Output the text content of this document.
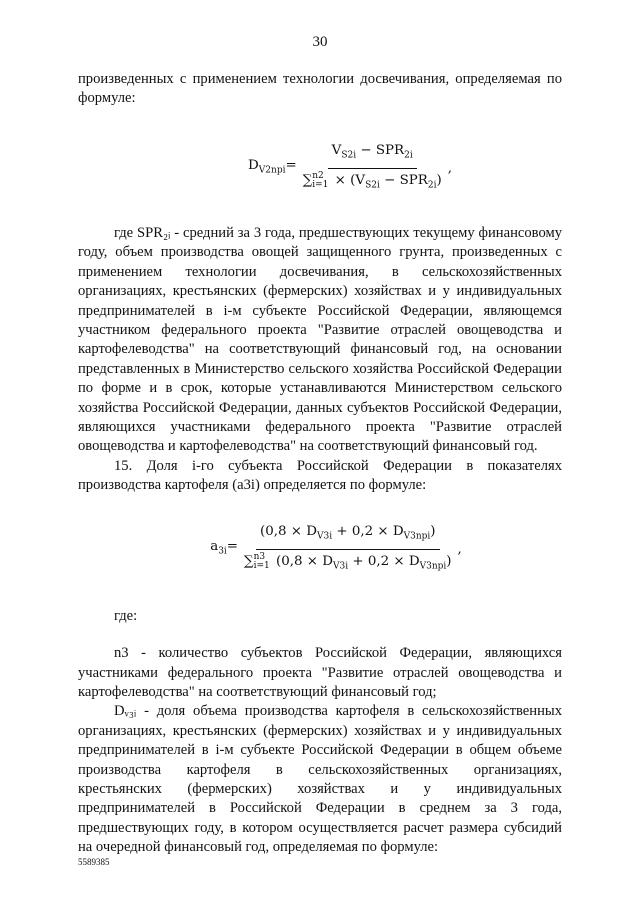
30

произведенных с применением технологии досвечивания, определяемая по формуле:

$D_{V2npi}= V_{S2i} - SPR_{2i}$
∑ n2
$i=1 \times (V_{S2i} - SPR_{2i})$ ,

где SPR₂ᵢ - средний за 3 года, предшествующих текущему финансовому году, объем производства овощей защищенного грунта, произведенных с применением технологии досвечивания, в сельскохозяйственных организациях, крестьянских (фермерских) хозяйствах и у индивидуальных предпринимателей в i-м субъекте Российской Федерации, являющемся участником федерального проекта "Развитие отраслей овощеводства и картофелеводства" на соответствующий финансовый год, на основании представленных в Министерство сельского хозяйства Российской Федерации по форме и в срок, которые устанавливаются Министерством сельского хозяйства Российской Федерации, данных субъектов Российской Федерации, являющихся участниками федерального проекта "Развитие отраслей овощеводства и картофелеводства" на соответствующий финансовый год.

15. Доля i-го субъекта Российской Федерации в показателях производства картофеля (a3i) определяется по формуле:

$a_{3i}= (0,8 \times D_{V3i} + 0,2 \times D_{V3npi})$
∑ n3
i=1 $(0,8 \times D_{V3i} + 0,2 \times D_{V3npi})$ ,

где:

n3 - количество субъектов Российской Федерации, являющихся участниками федерального проекта "Развитие отраслей овощеводства и картофелеводства" на соответствующий финансовый год;

Dᵥ₃ᵢ - доля объема производства картофеля в сельскохозяйственных организациях, крестьянских (фермерских) хозяйствах и у индивидуальных предпринимателей в i-м субъекте Российской Федерации в общем объеме производства картофеля в сельскохозяйственных организациях, крестьянских (фермерских) хозяйствах и у индивидуальных предпринимателей в Российской Федерации в среднем за 3 года, предшествующих году, в котором осуществляется расчет размера субсидий на очередной финансовый год, определяемая по формуле:

5589385
